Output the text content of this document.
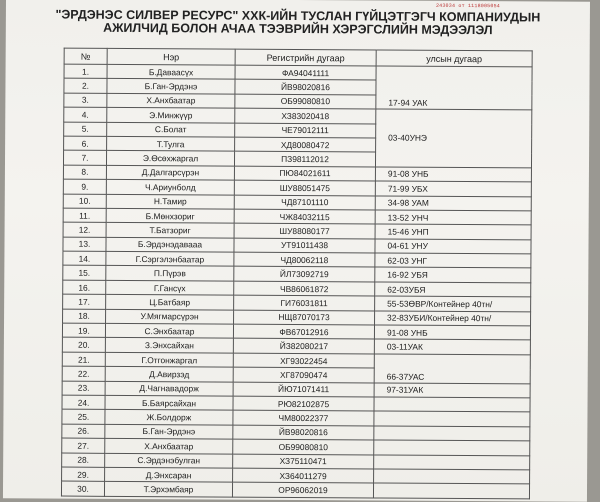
243034 от 1118005054
"ЭРДЭНЭС СИЛВЕР РЕСУРС" ХХК-ИЙН ТУСЛАН ГҮЙЦЭТГЭГЧ КОМПАНИУДЫН
АЖИЛЧИД БОЛОН АЧАА ТЭЭВРИЙН ХЭРЭГСЛИЙН МЭДЭЭЛЭЛ
№	Нэр	Регистрийн дугаар	улсын дугаар
1.	Б.Даваасүх	ФА94041111	17-94 УАК
2.	Б.Ган-Эрдэнэ	ЙВ98020816	
3.	Х.Анхбаатар	ОБ99080810	
4.	Э.Минжүүр	ХЗ83020418	03-40УНЭ
5.	С.Болат	ЧЕ79012111	
6.	Т.Тулга	ХД80080472	
7.	Э.Өсөхжаргал	ПЗ98112012	
8.	Д.Далгарсүрэн	ПЮ84021611	91-08 УНБ
9.	Ч.Ариунболд	ШУ88051475	71-99 УБХ
10.	Н.Тамир	ЧД87101110	34-98 УАМ
11.	Б.Мөнхзориг	ЧЖ84032115	13-52 УНЧ
12.	Т.Батзориг	ШУ88080177	15-46 УНП
13.	Б.Эрдэнэдавааа	УТ91011438	04-61 УНУ
14.	Г.Сэргэлэнбаатар	ЧД80062118	62-03 УНГ
15.	П.Пүрэв	ЙЛ73092719	16-92 УБЯ
16.	Г.Гансүх	ЧВ86061872	62-03УБЯ
17.	Ц.Батбаяр	ГИ76031811	55-53ӨВР/Контейнер 40тн/
18.	У.Мягмарсүрэн	НЩ87070173	32-83УБИ/Контейнер 40тн/
19.	С.Энхбаатар	ФВ67012916	91-08 УНБ
20.	З.Энхсайхан	ЙЗ82080217	03-11УАК
21.	Г.Отгонжаргал	ХГ93022454	66-37УАС
22.	Д.Авирзэд	ХГ87090474	
23.	Д.Чагнавадорж	ЙЮ71071411	97-31УАК
24.	Б.Баярсайхан	РЮ82102875	
25.	Ж.Болдорж	ЧМ80022377	
26.	Б.Ган-Эрдэнэ	ЙВ98020816	
27.	Х.Анхбаатар	ОБ99080810	
28.	С.Эрдэнэбулган	ХЗ75110471	
29.	Д.Энхсаран	ХЗ64011279	
30.	Т.Эрхэмбаяр	ОР96062019	
